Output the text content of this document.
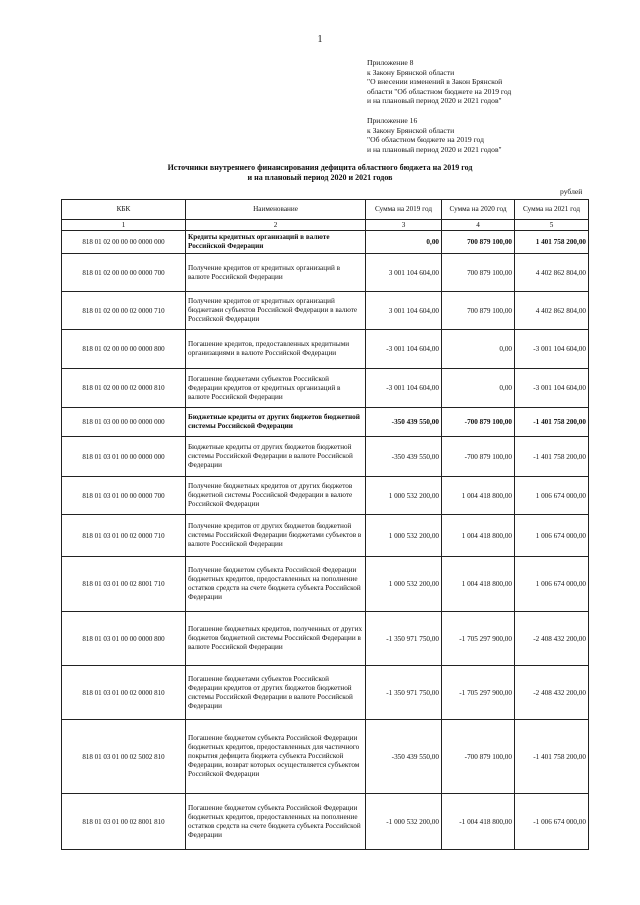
1
Приложение 8
к Закону Брянской области
"О внесении изменений в Закон Брянской
области "Об областном бюджете на 2019 год
и на плановый период 2020 и 2021 годов"
Приложение 16
к Закону Брянской области
"Об областном бюджете на 2019 год
и на плановый период 2020 и 2021 годов"
Источники внутреннего финансирования дефицита областного бюджета на 2019 год
и на плановый период 2020 и 2021 годов
рублей
КБК	Наименование	Сумма на 2019 год	Сумма на 2020 год	Сумма на 2021 год
1	2	3	4	5
818 01 02 00 00 00 0000 000	Кредиты кредитных организаций в валюте Российской Федерации	0,00	700 879 100,00	1 401 758 200,00
818 01 02 00 00 00 0000 700	Получение кредитов от кредитных организаций в валюте Российской Федерации	3 001 104 604,00	700 879 100,00	4 402 862 804,00
818 01 02 00 00 02 0000 710	Получение кредитов от кредитных организаций бюджетами субъектов Российской Федерации в валюте Российской Федерации	3 001 104 604,00	700 879 100,00	4 402 862 804,00
818 01 02 00 00 00 0000 800	Погашение кредитов, предоставленных кредитными организациями в валюте Российской Федерации	-3 001 104 604,00	0,00	-3 001 104 604,00
818 01 02 00 00 02 0000 810	Погашение бюджетами субъектов Российской Федерации кредитов от кредитных организаций в валюте Российской Федерации	-3 001 104 604,00	0,00	-3 001 104 604,00
818 01 03 00 00 00 0000 000	Бюджетные кредиты от других бюджетов бюджетной системы Российской Федерации	-350 439 550,00	-700 879 100,00	-1 401 758 200,00
818 01 03 01 00 00 0000 000	Бюджетные кредиты от других бюджетов бюджетной системы Российской Федерации в валюте Российской Федерации	-350 439 550,00	-700 879 100,00	-1 401 758 200,00
818 01 03 01 00 00 0000 700	Получение бюджетных кредитов от других бюджетов бюджетной системы Российской Федерации в валюте Российской Федерации	1 000 532 200,00	1 004 418 800,00	1 006 674 000,00
818 01 03 01 00 02 0000 710	Получение кредитов от других бюджетов бюджетной системы Российской Федерации бюджетами субъектов в валюте Российской Федерации	1 000 532 200,00	1 004 418 800,00	1 006 674 000,00
818 01 03 01 00 02 8001 710	Получение бюджетом субъекта Российской Федерации бюджетных кредитов, предоставленных на пополнение остатков средств на счете бюджета субъекта Российской Федерации	1 000 532 200,00	1 004 418 800,00	1 006 674 000,00
818 01 03 01 00 00 0000 800	Погашение бюджетных кредитов, полученных от других бюджетов бюджетной системы Российской Федерации в валюте Российской Федерации	-1 350 971 750,00	-1 705 297 900,00	-2 408 432 200,00
818 01 03 01 00 02 0000 810	Погашение бюджетами субъектов Российской Федерации кредитов от других бюджетов бюджетной системы Российской Федерации в валюте Российской Федерации	-1 350 971 750,00	-1 705 297 900,00	-2 408 432 200,00
818 01 03 01 00 02 5002 810	Погашение бюджетом субъекта Российской Федерации бюджетных кредитов, предоставленных для частичного покрытия дефицита бюджета субъекта Российской Федерации, возврат которых осуществляется субъектом Российской Федерации	-350 439 550,00	-700 879 100,00	-1 401 758 200,00
818 01 03 01 00 02 8001 810	Погашение бюджетом субъекта Российской Федерации бюджетных кредитов, предоставленных на пополнение остатков средств на счете бюджета субъекта Российской Федерации	-1 000 532 200,00	-1 004 418 800,00	-1 006 674 000,00
